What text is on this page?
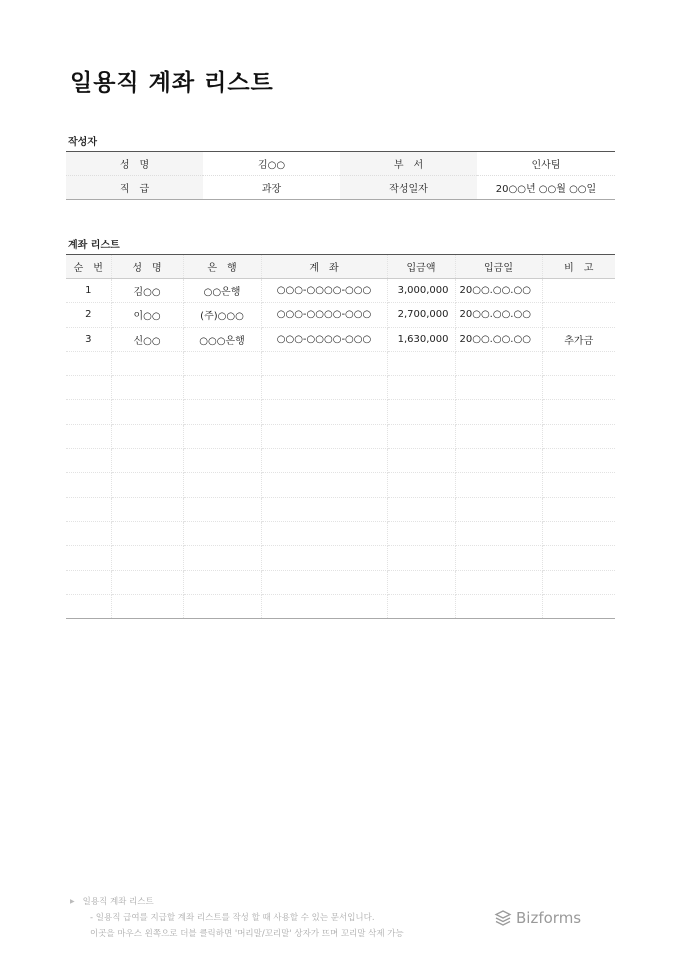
일용직 계좌 리스트
작성자
성　명	김○○	부　서	인사팀
직　급	과장	작성일자	20○○년 ○○월 ○○일
계좌 리스트
순　번	성　명	은　행	계　좌	입금액	입금일	비　고
1	김○○	○○은행	○○○-○○○○-○○○	3,000,000	20○○.○○.○○	
2	이○○	(주)○○○	○○○-○○○○-○○○	2,700,000	20○○.○○.○○	
3	신○○	○○○은행	○○○-○○○○-○○○	1,630,000	20○○.○○.○○	추가금

▶ 일용직 계좌 리스트
- 일용직 급여를 지급할 계좌 리스트를 작성 할 때 사용할 수 있는 문서입니다.
이곳을 마우스 왼쪽으로 더블 클릭하면 '머리말/꼬리말' 상자가 뜨며 꼬리말 삭제 가능
Bizforms
